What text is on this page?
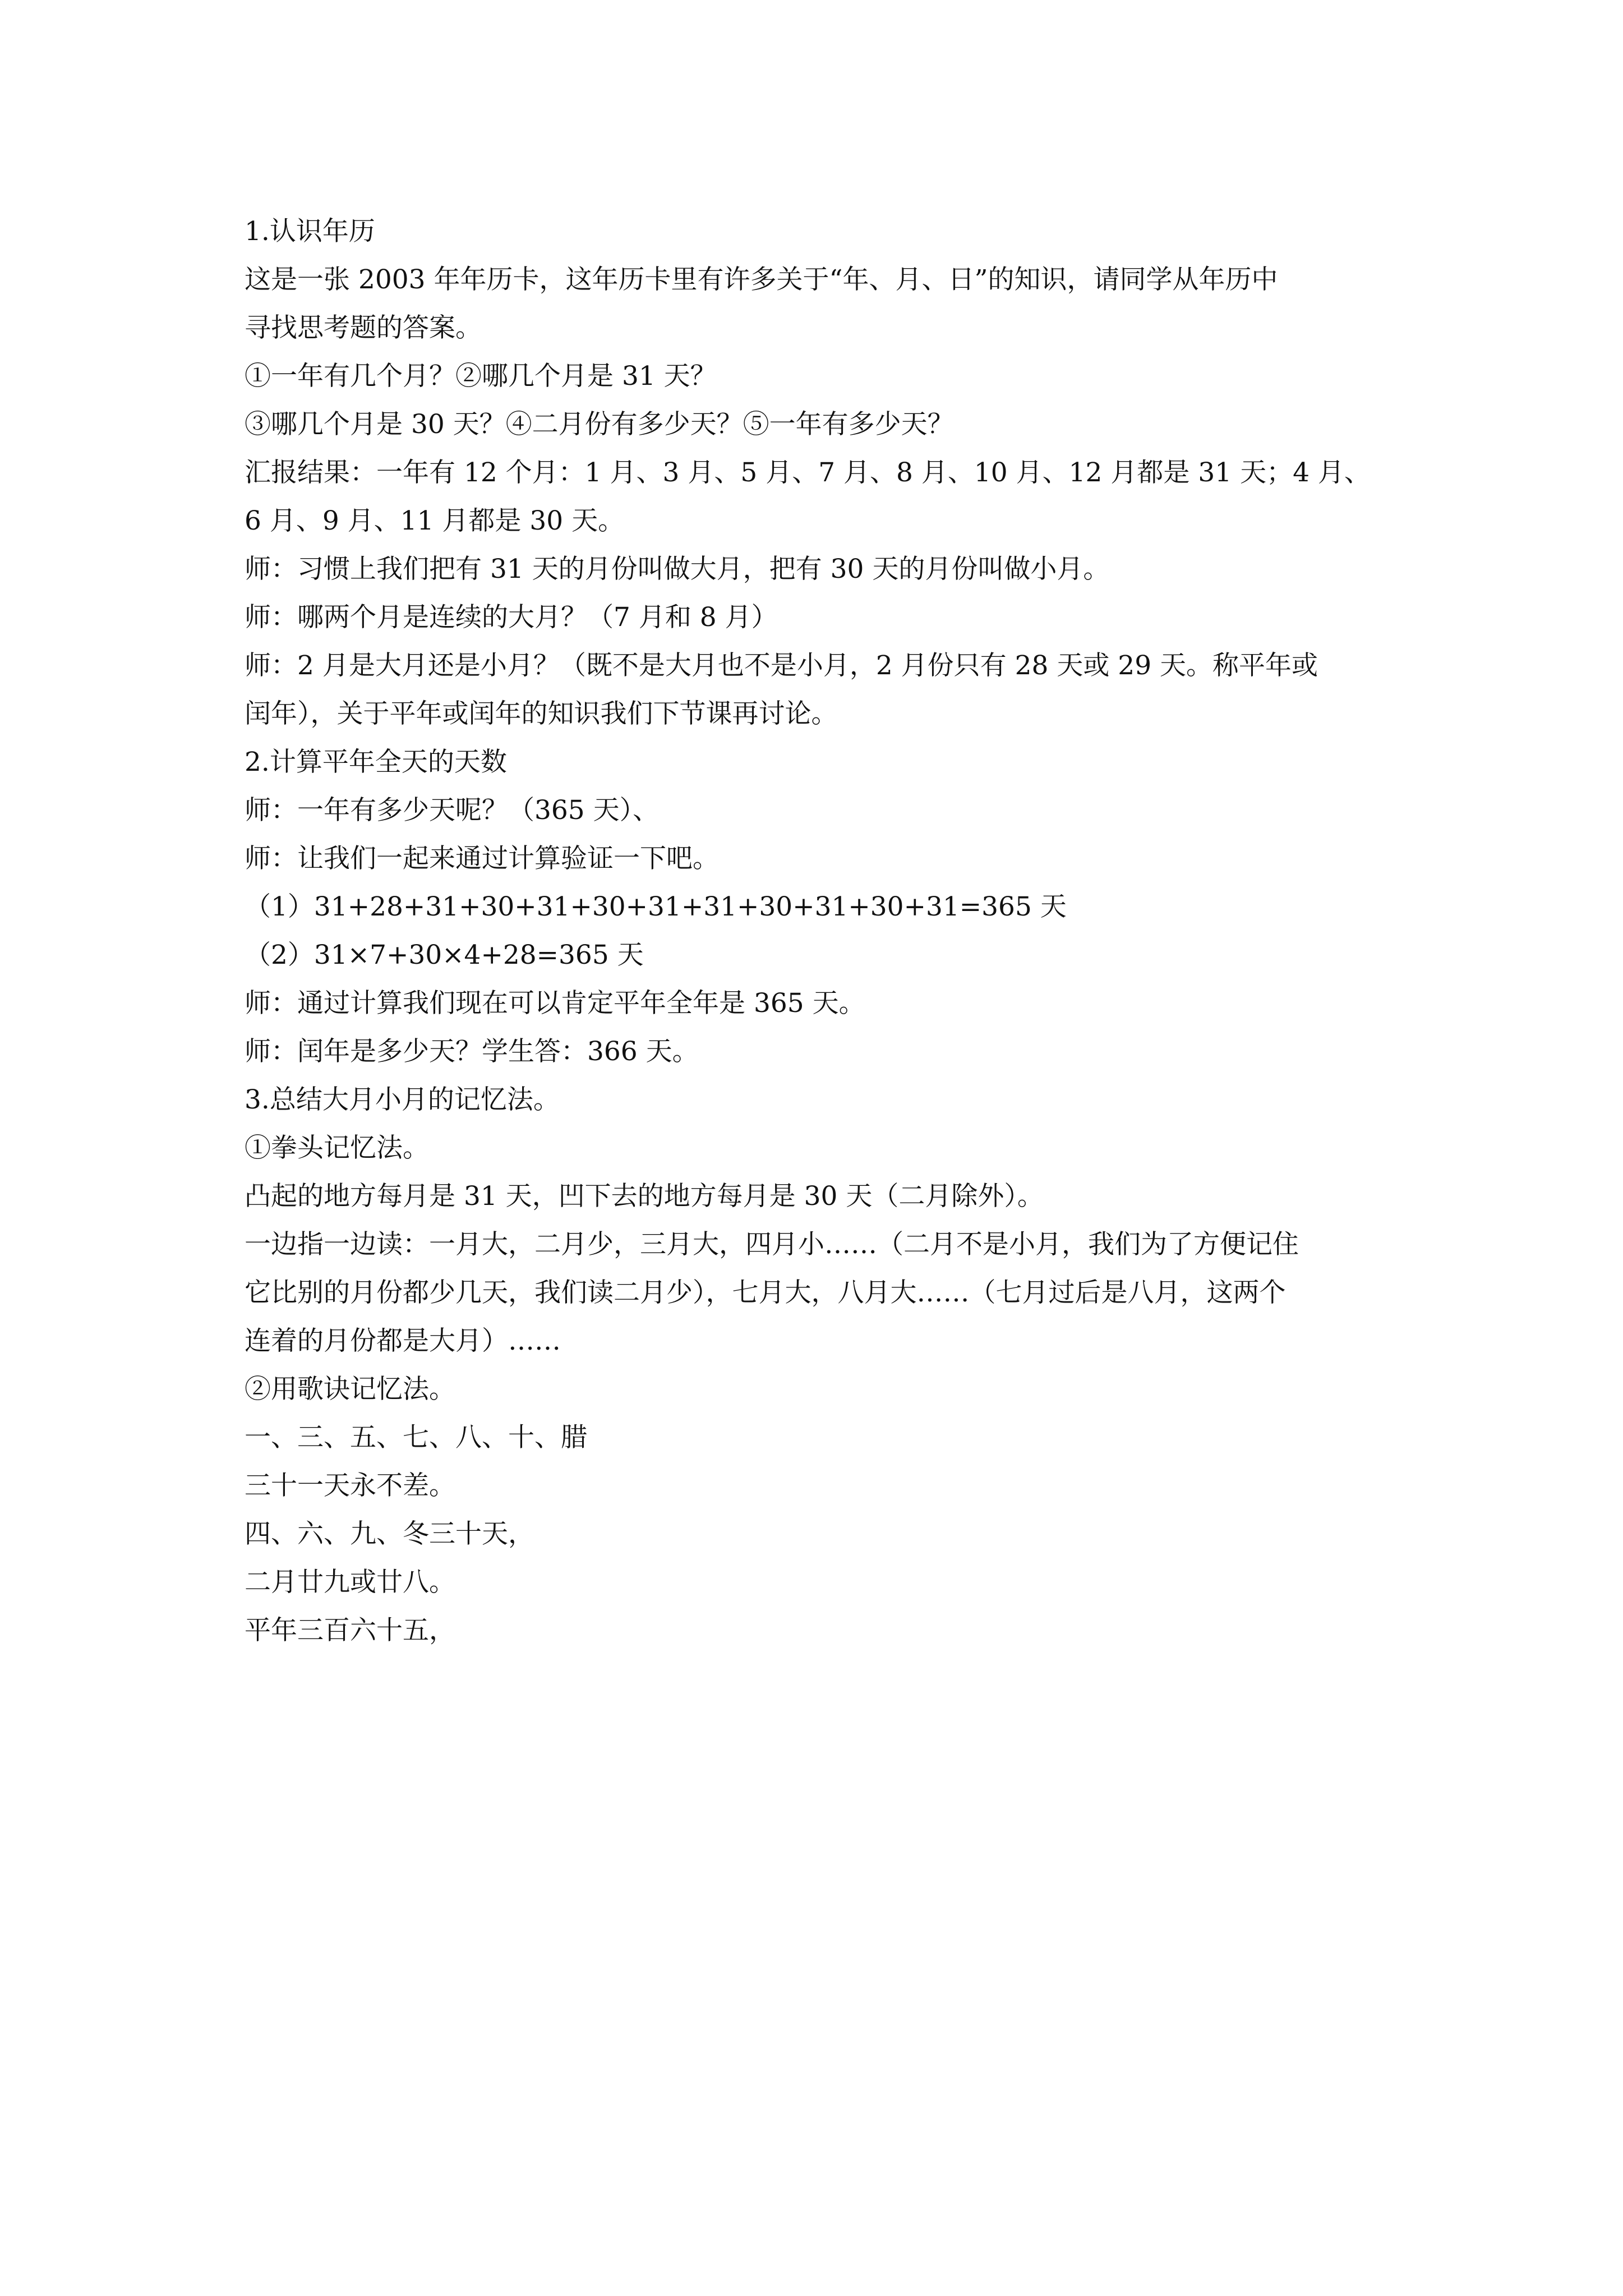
1.认识年历

这是一张 2003 年年历卡，这年历卡里有许多关于“年、月、日”的知识，请同学从年历中

寻找思考题的答案。

①一年有几个月？②哪几个月是 31 天？

③哪几个月是 30 天？④二月份有多少天？⑤一年有多少天？

汇报结果：一年有 12 个月：1 月、3 月、5 月、7 月、8 月、10 月、12 月都是 31 天；4 月、

6 月、9 月、11 月都是 30 天。

师：习惯上我们把有 31 天的月份叫做大月，把有 30 天的月份叫做小月。

师：哪两个月是连续的大月？（7 月和 8 月）

师：2 月是大月还是小月？（既不是大月也不是小月，2 月份只有 28 天或 29 天。称平年或

闰年），关于平年或闰年的知识我们下节课再讨论。

2.计算平年全天的天数

师：一年有多少天呢？（365 天）、

师：让我们一起来通过计算验证一下吧。

（1）31+28+31+30+31+30+31+31+30+31+30+31=365 天

（2）31×7+30×4+28=365 天

师：通过计算我们现在可以肯定平年全年是 365 天。

师：闰年是多少天？学生答：366 天。

3.总结大月小月的记忆法。

①拳头记忆法。

凸起的地方每月是 31 天，凹下去的地方每月是 30 天（二月除外）。

一边指一边读：一月大，二月少，三月大，四月小……（二月不是小月，我们为了方便记住

它比别的月份都少几天，我们读二月少），七月大，八月大……（七月过后是八月，这两个

连着的月份都是大月）……

②用歌诀记忆法。

一、三、五、七、八、十、腊

三十一天永不差。

四、六、九、冬三十天，

二月廿九或廿八。

平年三百六十五，
